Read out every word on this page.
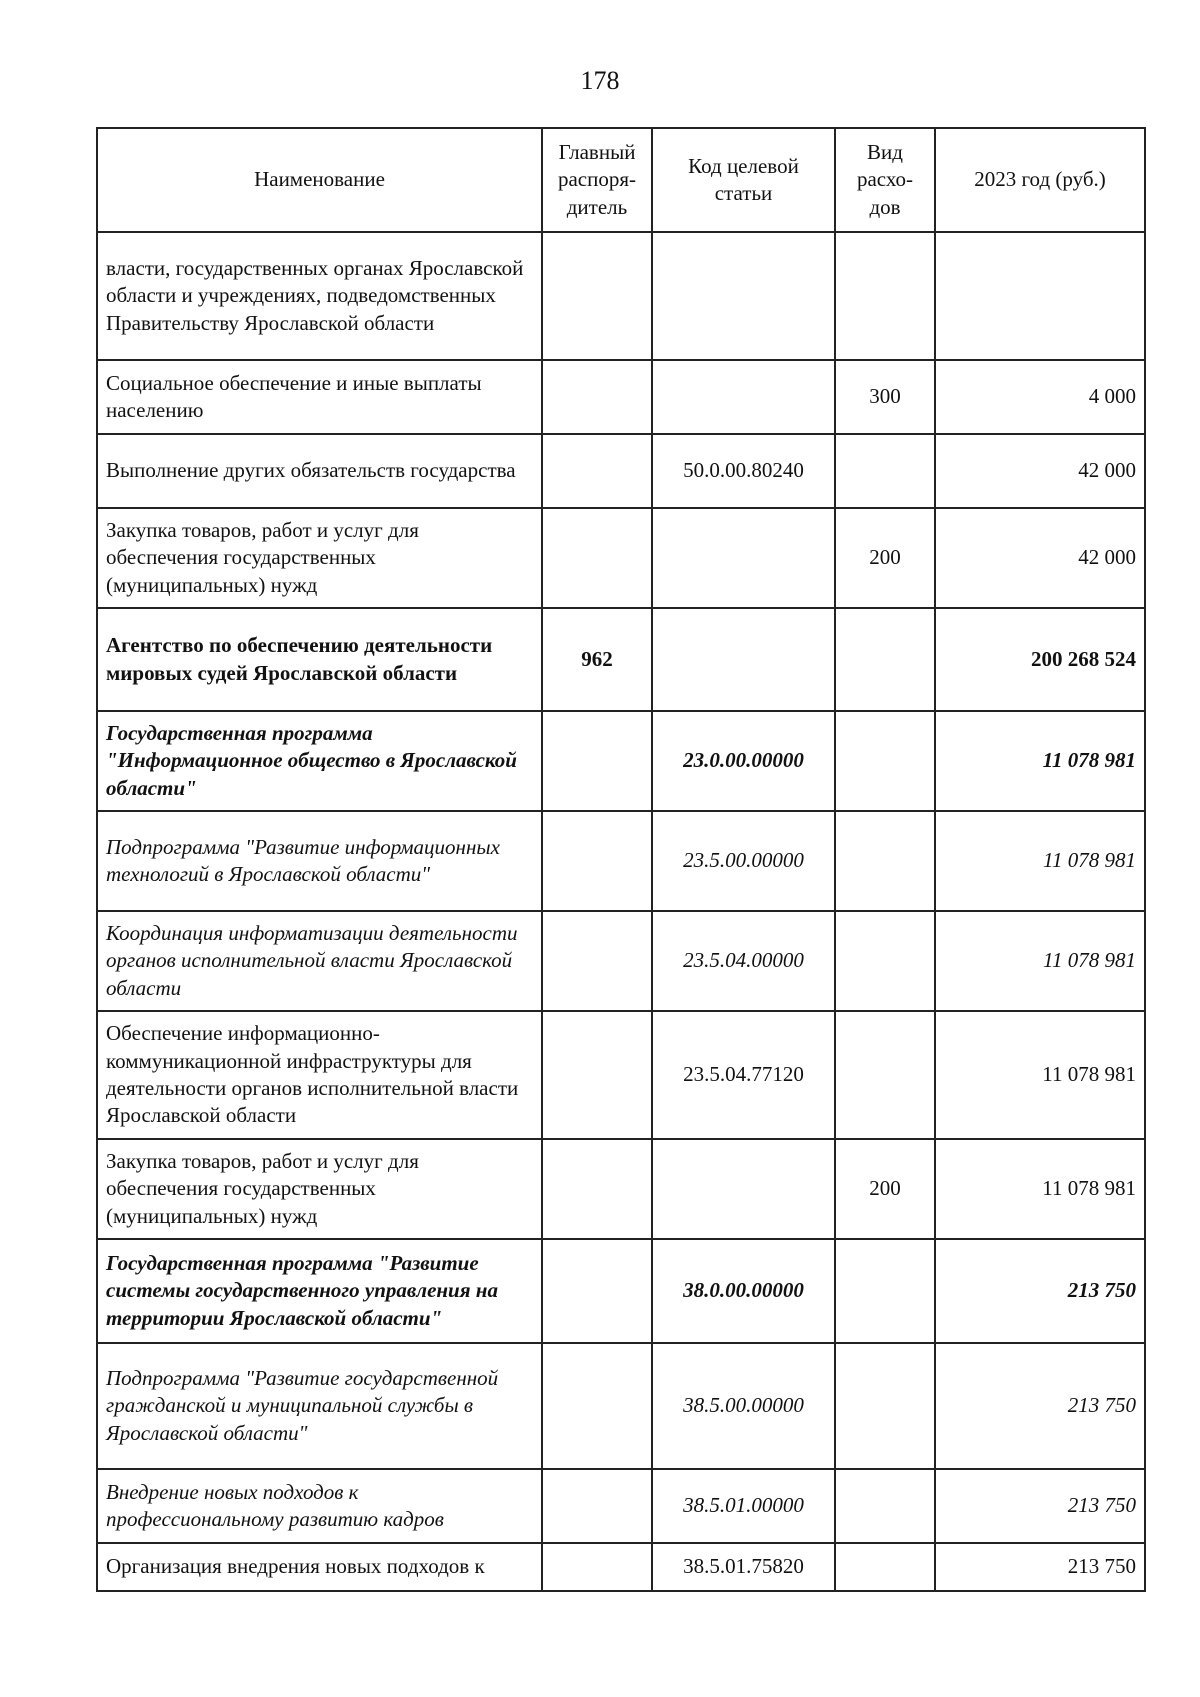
178
Наименование	Главный распоря-дитель	Код целевой статьи	Вид расхо-дов	2023 год (руб.)
власти, государственных органах Ярославской области и учреждениях, подведомственных Правительству Ярославской области				
Социальное обеспечение и иные выплаты населению			300	4 000
Выполнение других обязательств государства		50.0.00.80240		42 000
Закупка товаров, работ и услуг для обеспечения государственных (муниципальных) нужд			200	42 000
Агентство по обеспечению деятельности мировых судей Ярославской области	962			200 268 524
Государственная программа "Информационное общество в Ярославской области"		23.0.00.00000		11 078 981
Подпрограмма "Развитие информационных технологий в Ярославской области"		23.5.00.00000		11 078 981
Координация информатизации деятельности органов исполнительной власти Ярославской области		23.5.04.00000		11 078 981
Обеспечение информационно-коммуникационной инфраструктуры для деятельности органов исполнительной власти Ярославской области		23.5.04.77120		11 078 981
Закупка товаров, работ и услуг для обеспечения государственных (муниципальных) нужд			200	11 078 981
Государственная программа "Развитие системы государственного управления на территории Ярославской области"		38.0.00.00000		213 750
Подпрограмма "Развитие государственной гражданской и муниципальной службы в Ярославской области"		38.5.00.00000		213 750
Внедрение новых подходов к профессиональному развитию кадров		38.5.01.00000		213 750
Организация внедрения новых подходов к		38.5.01.75820		213 750
